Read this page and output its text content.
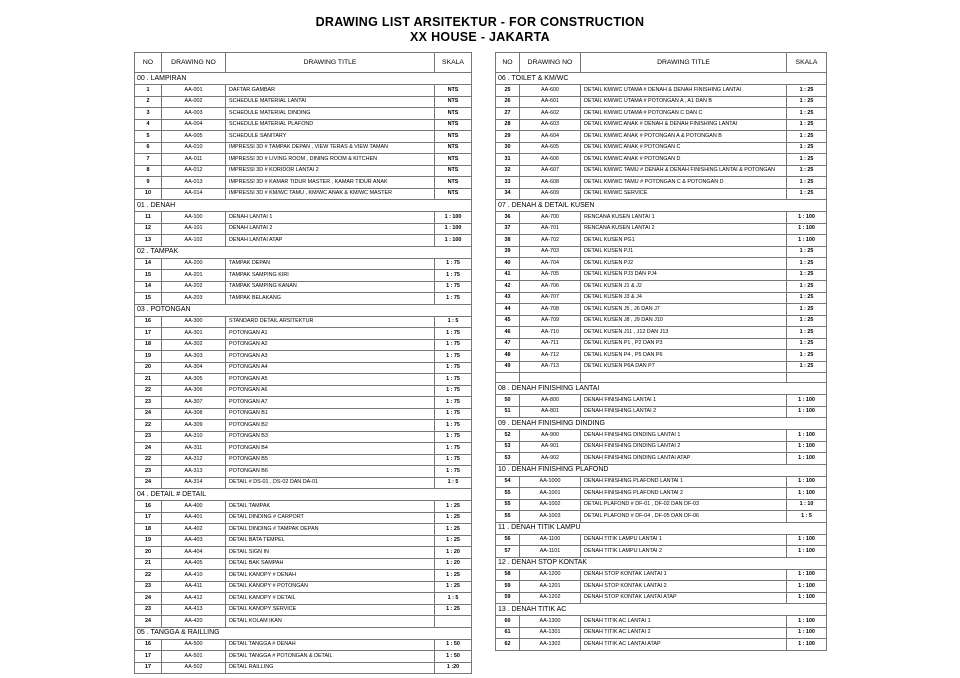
DRAWING LIST ARSITEKTUR - FOR CONSTRUCTION
XX HOUSE - JAKARTA
NO	DRAWING NO	DRAWING TITLE	SKALA
00 . LAMPIRAN			
1	AA-001	DAFTAR GAMBAR	NTS
2	AA-002	SCHEDULE MATERIAL LANTAI	NTS
3	AA-003	SCHEDULE MATERIAL DINDING	NTS
4	AA-004	SCHEDULE MATERIAL PLAFOND	NTS
5	AA-005	SCHEDULE SANITARY	NTS
6	AA-010	IMPRESSI 3D # TAMPAK DEPAN , VIEW TERAS & VIEW TAMAN	NTS
7	AA-011	IMPRESSI 3D # LIVING ROOM , DINING ROOM & KITCHEN	NTS
8	AA-012	IMPRESSI 3D # KORIDOR LANTAI 2	NTS
9	AA-013	IMPRESSI 3D # KAMAR TIDUR MASTER , KAMAR TIDUR ANAK	NTS
10	AA-014	IMPRESSI 3D # KM/WC TAMU , KM/WC ANAK & KM/WC MASTER	NTS
01 . DENAH			
11	AA-100	DENAH LANTAI 1	1 : 100
12	AA-101	DENAH LANTAI 2	1 : 100
13	AA-102	DENAH LANTAI ATAP	1 : 100
02 . TAMPAK			
14	AA-200	TAMPAK DEPAN	1 : 75
15	AA-201	TAMPAK SAMPING KIRI	1 : 75
14	AA-202	TAMPAK SAMPING KANAN	1 : 75
15	AA-203	TAMPAK BELAKANG	1 : 75
03 . POTONGAN			
16	AA-300	STANDARD DETAIL ARSITEKTUR	1 : 5
17	AA-301	POTONGAN A1	1 : 75
18	AA-302	POTONGAN A2	1 : 75
19	AA-303	POTONGAN A3	1 : 75
20	AA-304	POTONGAN A4	1 : 75
21	AA-305	POTONGAN A5	1 : 75
22	AA-306	POTONGAN A6	1 : 75
23	AA-307	POTONGAN A7	1 : 75
24	AA-308	POTONGAN B1	1 : 75
22	AA-309	POTONGAN B2	1 : 75
23	AA-310	POTONGAN B3	1 : 75
24	AA-311	POTONGAN B4	1 : 75
22	AA-312	POTONGAN B5	1 : 75
23	AA-313	POTONGAN B6	1 : 75
24	AA-314	DETAIL # DS-01 , DS-02 DAN DA-01	1 : 5
04 . DETAIL # DETAIL			
16	AA-400	DETAIL TAMPAK	1 : 25
17	AA-401	DETAIL DINDING # CARPORT	1 : 25
18	AA-402	DETAIL DINDING # TAMPAK DEPAN	1 : 25
19	AA-403	DETAIL BATA TEMPEL	1 : 25
20	AA-404	DETAIL SIGN IN	1 : 20
21	AA-405	DETAIL BAK SAMPAH	1 : 20
22	AA-410	DETAIL KANOPY # DENAH	1 : 25
23	AA-411	DETAIL KANOPY # POTONGAN	1 : 25
24	AA-412	DETAIL KANOPY # DETAIL	1 : 5
23	AA-413	DETAIL KANOPY SERVICE	1 : 25
24	AA-420	DETAIL KOLAM IKAN	
05 . TANGGA & RAILLING			
16	AA-500	DETAIL TANGGA # DENAH	1 : 50
17	AA-501	DETAIL TANGGA # POTONGAN & DETAIL	1 : 50
17	AA-502	DETAIL RAILLING	1 :20
NO	DRAWING NO	DRAWING TITLE	SKALA
06 . TOILET & KM/WC			
25	AA-600	DETAIL KM/WC UTAMA # DENAH & DENAH FINISHING LANTAI	1 : 25
26	AA-601	DETAIL KM/WC UTAMA # POTONGAN A , A1 DAN B	1 : 25
27	AA-602	DETAIL KM/WC UTAMA # POTONGAN C DAN C	1 : 25
28	AA-603	DETAIL KM/WC ANAK # DENAH & DENAH FINISHING LANTAI	1 : 25
29	AA-604	DETAIL KM/WC ANAK # POTONGAN A & POTONGAN B	1 : 25
30	AA-605	DETAIL KM/WC ANAK # POTONGAN C	1 : 25
31	AA-606	DETAIL KM/WC ANAK # POTONGAN D	1 : 25
32	AA-607	DETAIL KM/WC TAMU # DENAH & DENAH FINISHING LANTAI & POTONGAN	1 : 25
33	AA-608	DETAIL KM/WC TAMU # POTONGAN C & POTONGAN D	1 : 25
34	AA-609	DETAIL KM/WC SERVICE	1 : 25
07 . DENAH & DETAIL KUSEN			
36	AA-700	RENCANA KUSEN LANTAI 1	1 : 100
37	AA-701	RENCANA KUSEN LANTAI 2	1 : 100
38	AA-702	DETAIL KUSEN PG1	1 : 100
39	AA-703	DETAIL KUSEN PJ1	1 : 25
40	AA-704	DETAIL KUSEN PJ2	1 : 25
41	AA-705	DETAIL KUSEN PJ3 DAN PJ4	1 : 25
42	AA-706	DETAIL KUSEN J1 & J2	1 : 25
43	AA-707	DETAIL KUSEN J3 & J4	1 : 25
44	AA-708	DETAIL KUSEN J5 , J6 DAN J7	1 : 25
45	AA-709	DETAIL KUSEN J8 , J9 DAN J10	1 : 25
46	AA-710	DETAIL KUSEN J11 , J12 DAN J13	1 : 25
47	AA-711	DETAIL KUSEN P1 , P2 DAN P3	1 : 25
48	AA-712	DETAIL KUSEN P4 , P5 DAN P6	1 : 25
49	AA-713	DETAIL KUSEN P6A DAN P7	1 : 25

08 . DENAH FINISHING LANTAI			
50	AA-800	DENAH FINISHING LANTAI 1	1 : 100
51	AA-801	DENAH FINISHING LANTAI 2	1 : 100
09 . DENAH FINISHING DINDING			
52	AA-900	DENAH FINISHING DINDING LANTAI 1	1 : 100
53	AA-901	DENAH FINISHING DINDING LANTAI 2	1 : 100
53	AA-902	DENAH FINISHING DINDING LANTAI ATAP	1 : 100
10 . DENAH FINISHING PLAFOND			
54	AA-1000	DENAH FINISHING PLAFOND LANTAI 1	1 : 100
55	AA-1001	DENAH FINISHING PLAFOND LANTAI 2	1 : 100
55	AA-1002	DETAIL PLAFOND # DF-01 , DF-02 DAN DF-03	1 : 10
55	AA-1003	DETAIL PLAFOND # DF-04 , DF-05 DAN DF-06	1 : 5
11 . DENAH TITIK LAMPU			
56	AA-1100	DENAH TITIK LAMPU LANTAI 1	1 : 100
57	AA-1101	DENAH TITIK LAMPU LANTAI 2	1 : 100
12 . DENAH STOP KONTAK			
58	AA-1200	DENAH STOP KONTAK LANTAI 1	1 : 100
59	AA-1201	DENAH STOP KONTAK LANTAI 2	1 : 100
59	AA-1202	DENAH STOP KONTAK LANTAI ATAP	1 : 100
13 . DENAH TITIK AC			
60	AA-1300	DENAH TITIK AC LANTAI 1	1 : 100
61	AA-1301	DENAH TITIK AC LANTAI 2	1 : 100
62	AA-1302	DENAH TITIK AC LANTAI ATAP	1 : 100
